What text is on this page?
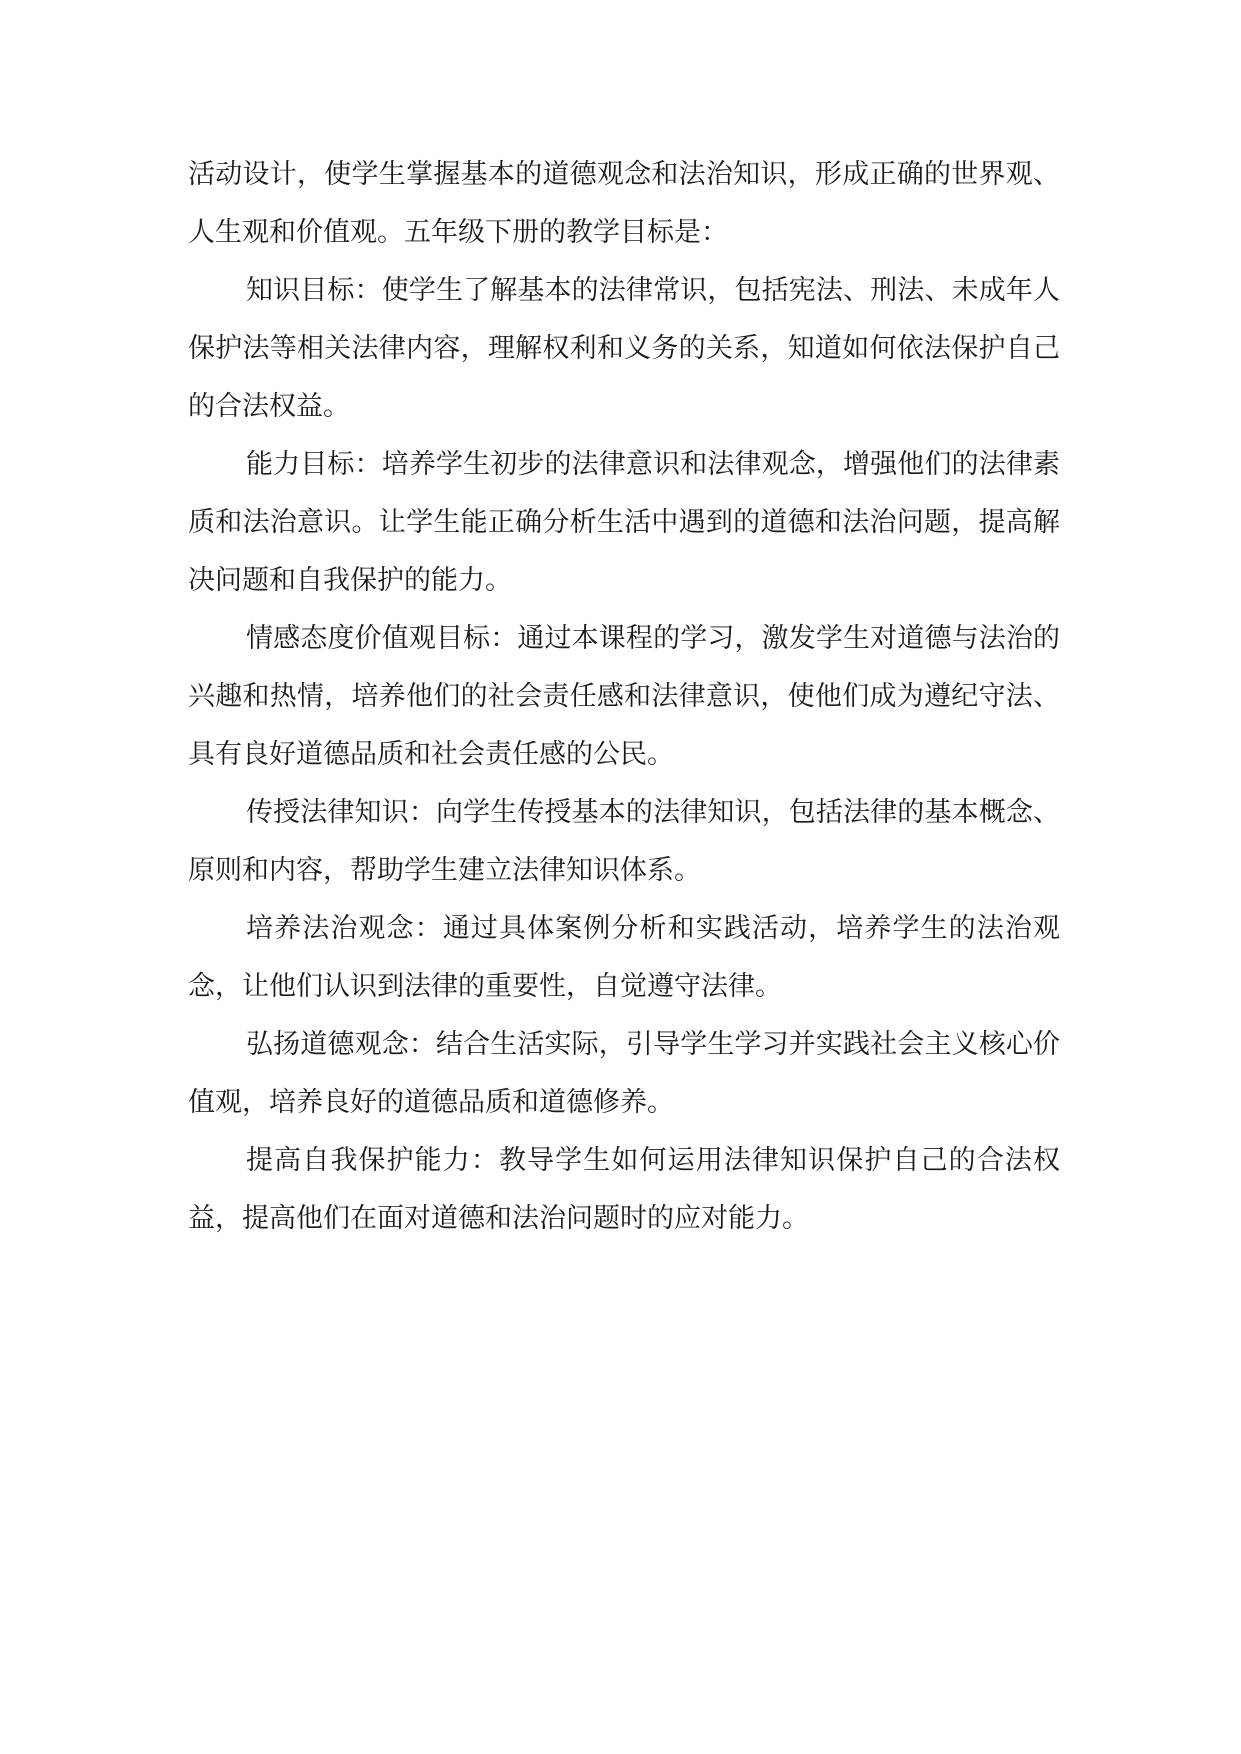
活动设计，使学生掌握基本的道德观念和法治知识，形成正确的世界观、人生观和价值观。五年级下册的教学目标是：

知识目标：使学生了解基本的法律常识，包括宪法、刑法、未成年人保护法等相关法律内容，理解权利和义务的关系，知道如何依法保护自己的合法权益。

能力目标：培养学生初步的法律意识和法律观念，增强他们的法律素质和法治意识。让学生能正确分析生活中遇到的道德和法治问题，提高解决问题和自我保护的能力。

情感态度价值观目标：通过本课程的学习，激发学生对道德与法治的兴趣和热情，培养他们的社会责任感和法律意识，使他们成为遵纪守法、具有良好道德品质和社会责任感的公民。

传授法律知识：向学生传授基本的法律知识，包括法律的基本概念、原则和内容，帮助学生建立法律知识体系。

培养法治观念：通过具体案例分析和实践活动，培养学生的法治观念，让他们认识到法律的重要性，自觉遵守法律。

弘扬道德观念：结合生活实际，引导学生学习并实践社会主义核心价值观，培养良好的道德品质和道德修养。

提高自我保护能力：教导学生如何运用法律知识保护自己的合法权益，提高他们在面对道德和法治问题时的应对能力。
